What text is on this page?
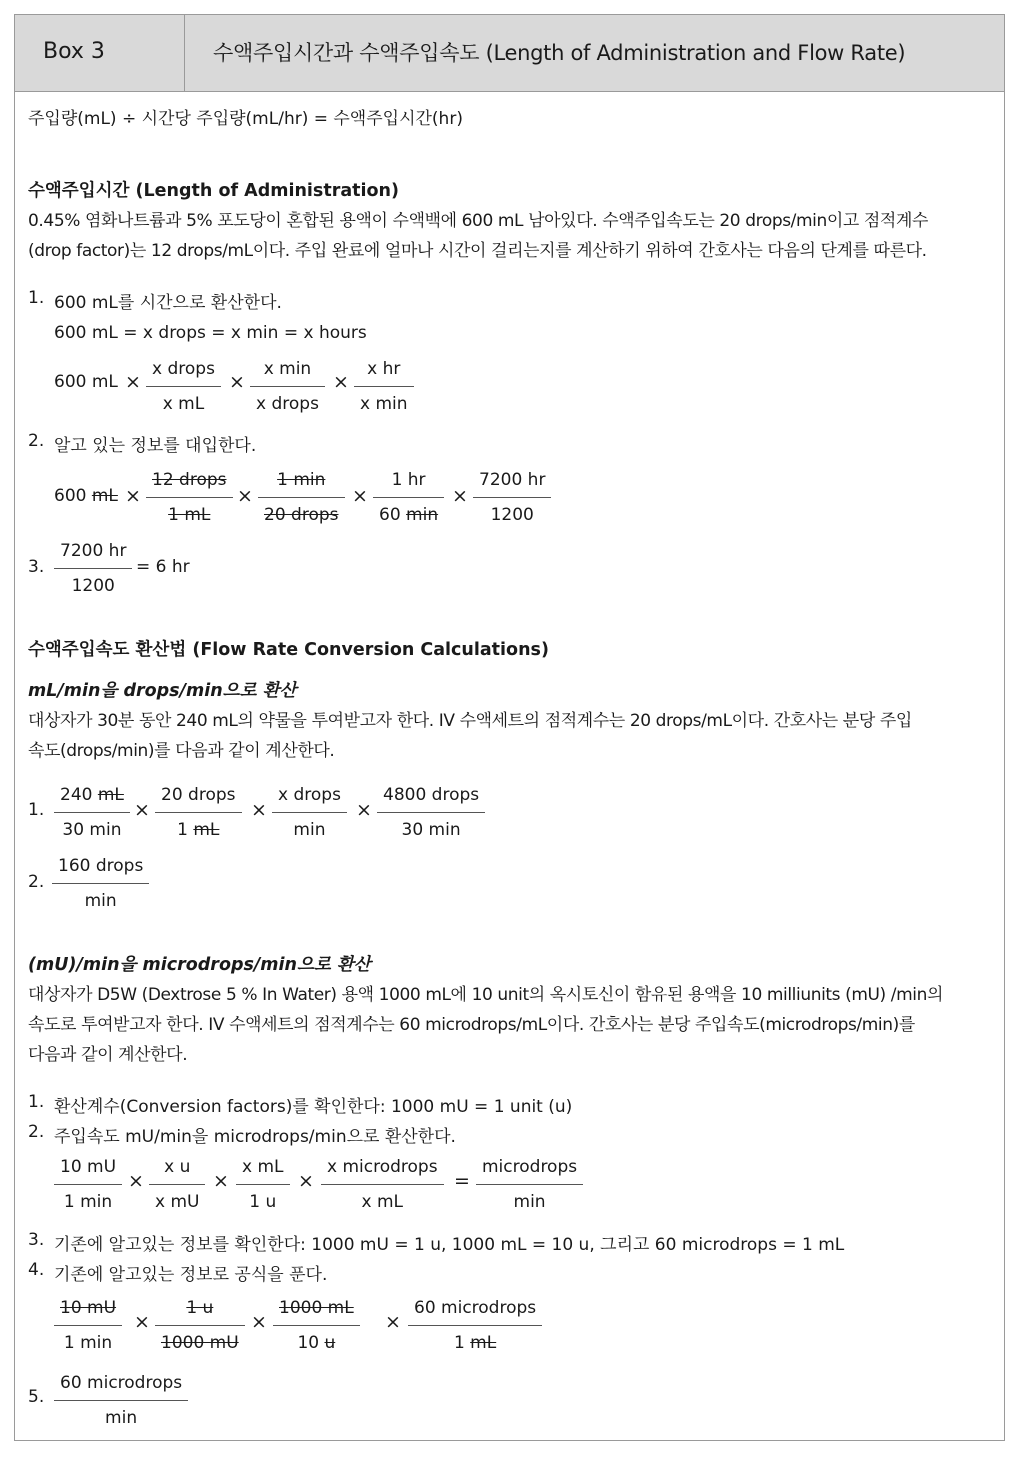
Box 3	수액주입시간과 수액주입속도 (Length of Administration and Flow Rate)
주입량(mL) ÷ 시간당 주입량(mL/hr) = 수액주입시간(hr)
수액주입시간 (Length of Administration)
0.45% 염화나트륨과 5% 포도당이 혼합된 용액이 수액백에 600 mL 남아있다. 수액주입속도는 20 drops/min이고 점적계수
(drop factor)는 12 drops/mL이다. 주입 완료에 얼마나 시간이 걸리는지를 계산하기 위하여 간호사는 다음의 단계를 따른다.
1. 600 mL를 시간으로 환산한다.
600 mL = x drops = x min = x hours
600 mL ×
x drops
x mL
×
x min
x drops
×
x hr
x min
2. 알고 있는 정보를 대입한다.
600 mL ×
12 drops
1 mL
×
1 min
20 drops
×
1 hr
60 min
×
7200 hr
1200
3.
7200 hr
1200
= 6 hr
수액주입속도 환산법 (Flow Rate Conversion Calculations)
mL/min을 drops/min으로 환산
대상자가 30분 동안 240 mL의 약물을 투여받고자 한다. IV 수액세트의 점적계수는 20 drops/mL이다. 간호사는 분당 주입
속도(drops/min)를 다음과 같이 계산한다.
1.
240 mL
30 min
×
20 drops
1 mL
×
x drops
min
×
4800 drops
30 min
2.
160 drops
min
(mU)/min을 microdrops/min으로 환산
대상자가 D5W (Dextrose 5 % In Water) 용액 1000 mL에 10 unit의 옥시토신이 함유된 용액을 10 milliunits (mU) /min의
속도로 투여받고자 한다. IV 수액세트의 점적계수는 60 microdrops/mL이다. 간호사는 분당 주입속도(microdrops/min)를
다음과 같이 계산한다.
1. 환산계수(Conversion factors)를 확인한다: 1000 mU = 1 unit (u)
2. 주입속도 mU/min을 microdrops/min으로 환산한다.
10 mU
1 min
×
x u
x mU
×
x mL
1 u
×
x microdrops
x mL
=
microdrops
min
3. 기존에 알고있는 정보를 확인한다: 1000 mU = 1 u, 1000 mL = 10 u, 그리고 60 microdrops = 1 mL
4. 기존에 알고있는 정보로 공식을 푼다.
10 mU
1 min
×
1 u
1000 mU
×
1000 mL
10 u
×
60 microdrops
1 mL
5.
60 microdrops
min
